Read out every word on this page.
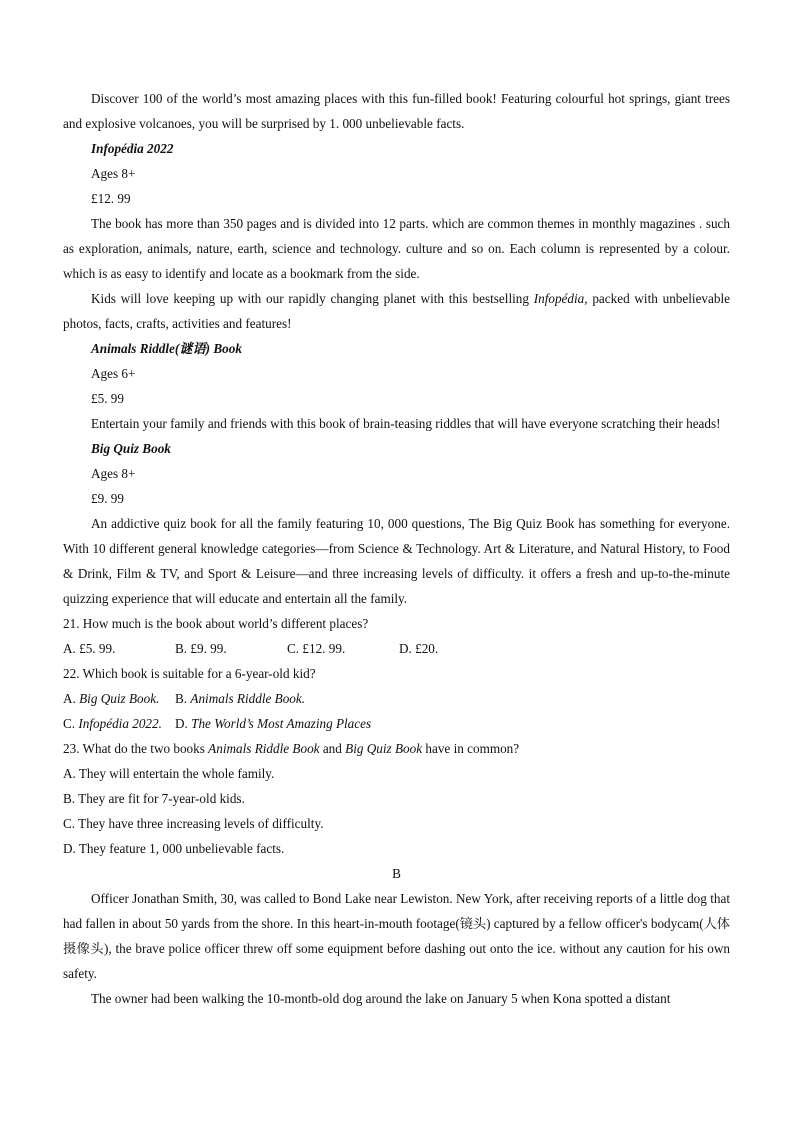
Discover 100 of the world’s most amazing places with this fun-filled book! Featuring colourful hot springs, giant trees and explosive volcanoes, you will be surprised by 1. 000 unbelievable facts.

Infopédia 2022

Ages 8+

£12. 99

The book has more than 350 pages and is divided into 12 parts. which are common themes in monthly magazines . such as exploration, animals, nature, earth, science and technology. culture and so on. Each column is represented by a colour. which is as easy to identify and locate as a bookmark from the side.

Kids will love keeping up with our rapidly changing planet with this bestselling Infopédia, packed with unbelievable photos, facts, crafts, activities and features!

Animals Riddle(谜语) Book

Ages 6+

£5. 99

Entertain your family and friends with this book of brain-teasing riddles that will have everyone scratching their heads!

Big Quiz Book

Ages 8+

£9. 99

An addictive quiz book for all the family featuring 10, 000 questions, The Big Quiz Book has something for everyone. With 10 different general knowledge categories—from Science & Technology. Art & Literature, and Natural History, to Food & Drink, Film & TV, and Sport & Leisure—and three increasing levels of difficulty. it offers a fresh and up-to-the-minute quizzing experience that will educate and entertain all the family.

21. How much is the book about world’s different places?

A. £5. 99.	B. £9. 99.	C. £12. 99.	D. £20.

22. Which book is suitable for a 6-year-old kid?

A. Big Quiz Book.	B. Animals Riddle Book.
C. Infopédia 2022. D. The World’s Most Amazing Places

23. What do the two books Animals Riddle Book and Big Quiz Book have in common?

A. They will entertain the whole family.

B. They are fit for 7-year-old kids.

C. They have three increasing levels of difficulty.

D. They feature 1, 000 unbelievable facts.

B

Officer Jonathan Smith, 30, was called to Bond Lake near Lewiston. New York, after receiving reports of a little dog that had fallen in about 50 yards from the shore. In this heart-in-mouth footage(镜头) captured by a fellow officer's bodycam(人体摄像头), the brave police officer threw off some equipment before dashing out onto the ice. without any caution for his own safety.

The owner had been walking the 10-montb-old dog around the lake on January 5 when Kona spotted a distant
